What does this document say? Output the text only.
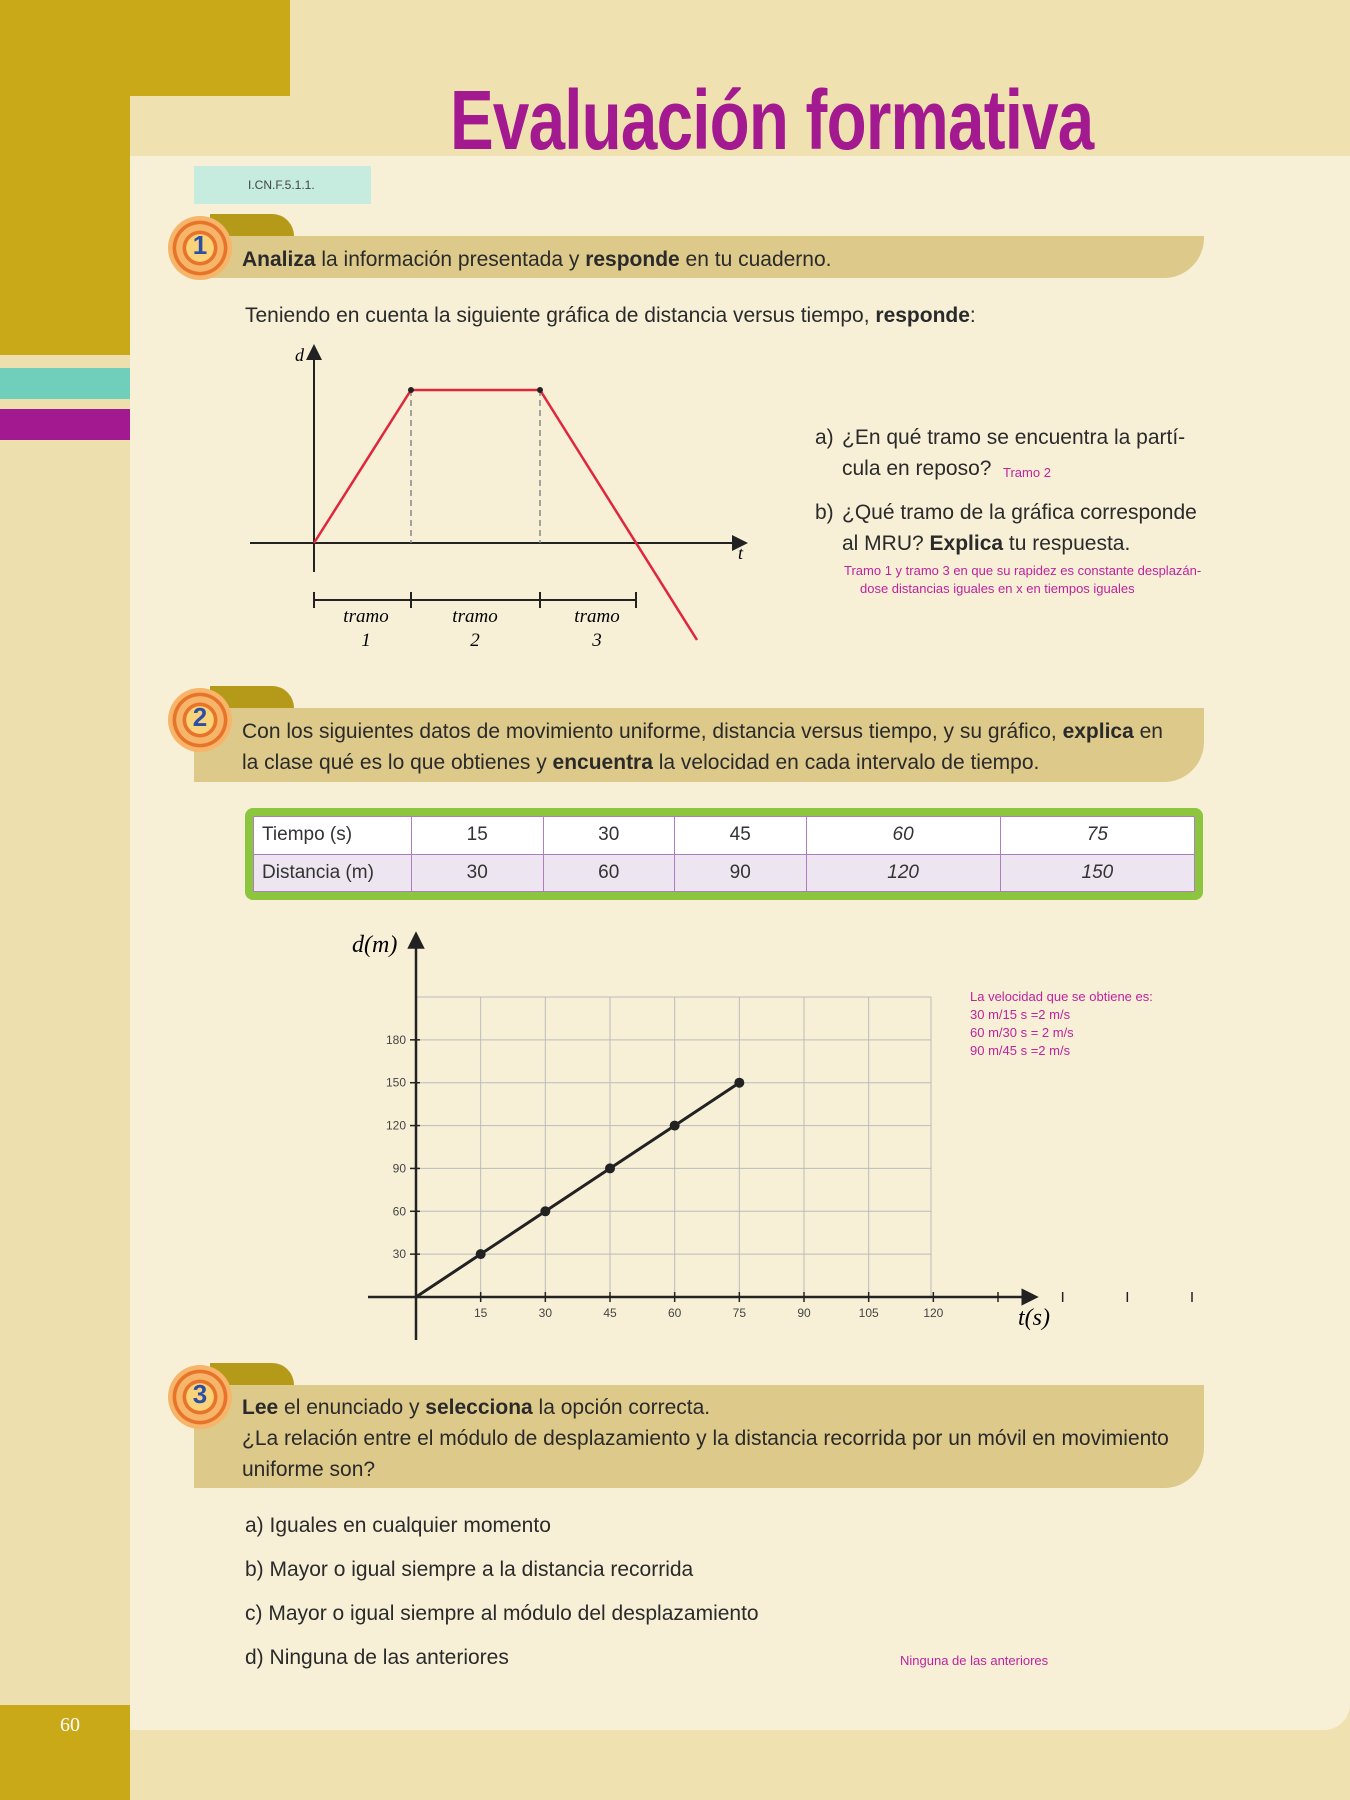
60
Evaluación formativa
I.CN.F.5.1.1.
1	Analiza la información presentada y responde en tu cuaderno.
Teniendo en cuenta la siguiente gráfica de distancia versus tiempo, responde:
d
t
tramo
1
tramo
2
tramo
3
a) ¿En qué tramo se encuentra la partí-
cula en reposo? Tramo 2
b) ¿Qué tramo de la gráfica corresponde
al MRU? Explica tu respuesta.
Tramo 1 y tramo 3 en que su rapidez es constante desplazán-
dose distancias iguales en x en tiempos iguales
2	Con los siguientes datos de movimiento uniforme, distancia versus tiempo, y su gráfico, explica en
la clase qué es lo que obtienes y encuentra la velocidad en cada intervalo de tiempo.
Tiempo (s)	15	30	45	60	75
Distancia (m)	30	60	90	120	150
d(m)
t(s)
15	30	45	60	75	90	105	120
30
60
90
120
150
180
La velocidad que se obtiene es:
30 m/15 s =2 m/s
60 m/30 s = 2 m/s
90 m/45 s =2 m/s
3	Lee el enunciado y selecciona la opción correcta.
¿La relación entre el módulo de desplazamiento y la distancia recorrida por un móvil en movimiento
uniforme son?
a) Iguales en cualquier momento
b) Mayor o igual siempre a la distancia recorrida
c) Mayor o igual siempre al módulo del desplazamiento
d) Ninguna de las anteriores	Ninguna de las anteriores
